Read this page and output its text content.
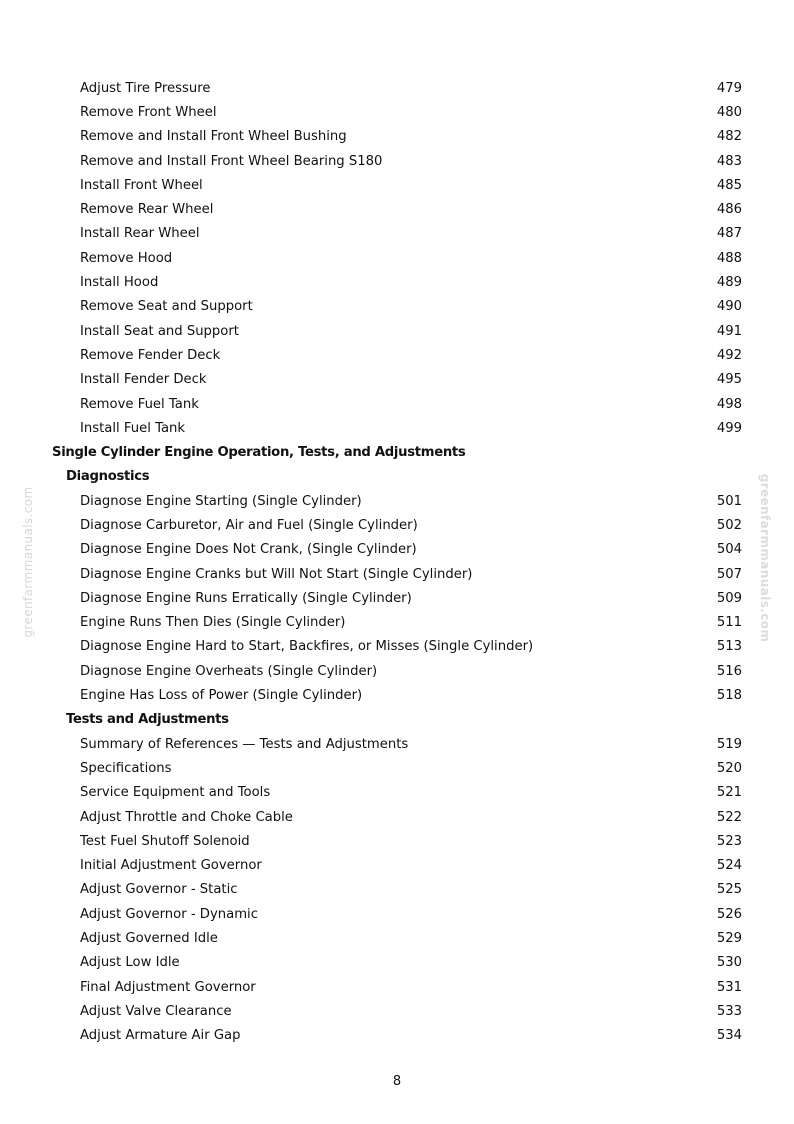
greenfarmmanuals.com	greenfarmmanuals.com
Adjust Tire Pressure	479
Remove Front Wheel	480
Remove and Install Front Wheel Bushing	482
Remove and Install Front Wheel Bearing S180	483
Install Front Wheel	485
Remove Rear Wheel	486
Install Rear Wheel	487
Remove Hood	488
Install Hood	489
Remove Seat and Support	490
Install Seat and Support	491
Remove Fender Deck	492
Install Fender Deck	495
Remove Fuel Tank	498
Install Fuel Tank	499
Single Cylinder Engine Operation, Tests, and Adjustments
Diagnostics
Diagnose Engine Starting (Single Cylinder)	501
Diagnose Carburetor, Air and Fuel (Single Cylinder)	502
Diagnose Engine Does Not Crank, (Single Cylinder)	504
Diagnose Engine Cranks but Will Not Start (Single Cylinder)	507
Diagnose Engine Runs Erratically (Single Cylinder)	509
Engine Runs Then Dies (Single Cylinder)	511
Diagnose Engine Hard to Start, Backfires, or Misses (Single Cylinder)	513
Diagnose Engine Overheats (Single Cylinder)	516
Engine Has Loss of Power (Single Cylinder)	518
Tests and Adjustments
Summary of References — Tests and Adjustments	519
Specifications	520
Service Equipment and Tools	521
Adjust Throttle and Choke Cable	522
Test Fuel Shutoff Solenoid	523
Initial Adjustment Governor	524
Adjust Governor - Static	525
Adjust Governor - Dynamic	526
Adjust Governed Idle	529
Adjust Low Idle	530
Final Adjustment Governor	531
Adjust Valve Clearance	533
Adjust Armature Air Gap	534
8
